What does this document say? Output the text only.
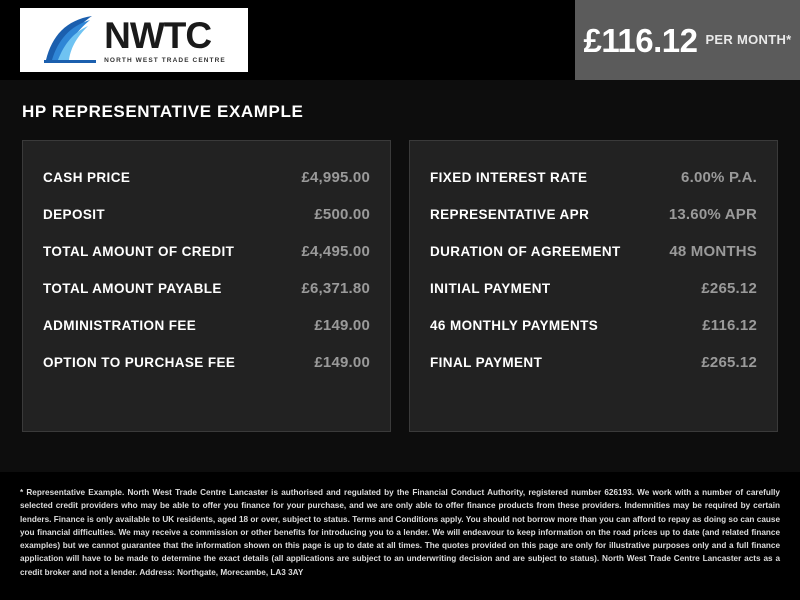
NWTC
NORTH WEST TRADE CENTRE
£116.12 PER MONTH*
HP REPRESENTATIVE EXAMPLE
CASH PRICE	£4,995.00
DEPOSIT	£500.00
TOTAL AMOUNT OF CREDIT	£4,495.00
TOTAL AMOUNT PAYABLE	£6,371.80
ADMINISTRATION FEE	£149.00
OPTION TO PURCHASE FEE	£149.00
FIXED INTEREST RATE	6.00% P.A.
REPRESENTATIVE APR	13.60% APR
DURATION OF AGREEMENT	48 MONTHS
INITIAL PAYMENT	£265.12
46 MONTHLY PAYMENTS	£116.12
FINAL PAYMENT	£265.12

* Representative Example. North West Trade Centre Lancaster is authorised and regulated by the Financial Conduct Authority, registered number 626193. We work with a number of carefully selected credit providers who may be able to offer you finance for your purchase, and we are only able to offer finance products from these providers. Indemnities may be required by certain lenders. Finance is only available to UK residents, aged 18 or over, subject to status. Terms and Conditions apply. You should not borrow more than you can afford to repay as doing so can cause you financial difficulties. We may receive a commission or other benefits for introducing you to a lender. We will endeavour to keep information on the road prices up to date (and related finance examples) but we cannot guarantee that the information shown on this page is up to date at all times. The quotes provided on this page are only for illustrative purposes only and a full finance application will have to be made to determine the exact details (all applications are subject to an underwriting decision and are subject to status). North West Trade Centre Lancaster acts as a credit broker and not a lender. Address: Northgate, Morecambe, LA3 3AY
